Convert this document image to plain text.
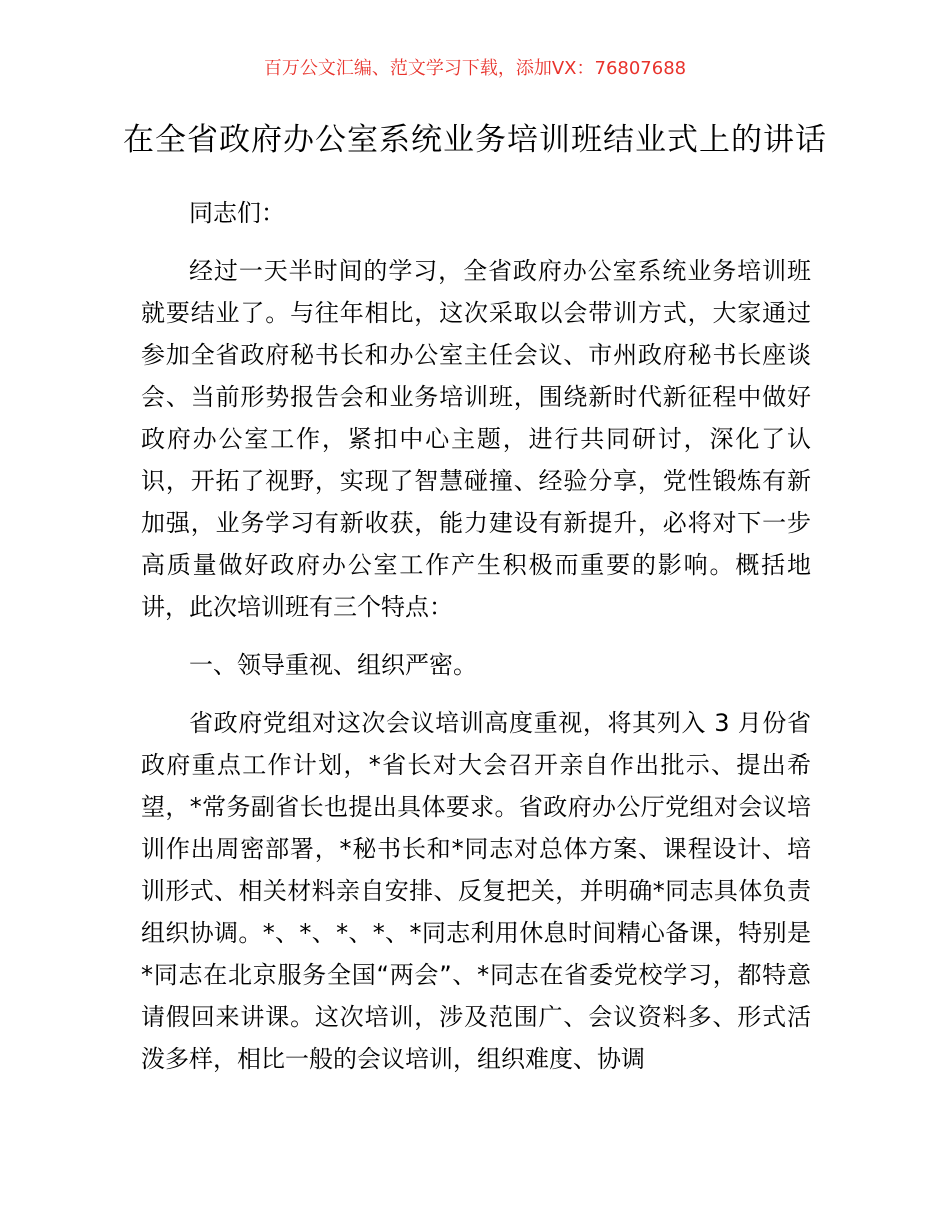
百万公文汇编、范文学习下载，添加VX：76807688
在全省政府办公室系统业务培训班结业式上的讲话

同志们：

经过一天半时间的学习，全省政府办公室系统业务培训班就要结业了。与往年相比，这次采取以会带训方式，大家通过参加全省政府秘书长和办公室主任会议、市州政府秘书长座谈会、当前形势报告会和业务培训班，围绕新时代新征程中做好政府办公室工作，紧扣中心主题，进行共同研讨，深化了认识，开拓了视野，实现了智慧碰撞、经验分享，党性锻炼有新加强，业务学习有新收获，能力建设有新提升，必将对下一步高质量做好政府办公室工作产生积极而重要的影响。概括地讲，此次培训班有三个特点：

一、领导重视、组织严密。

省政府党组对这次会议培训高度重视，将其列入 3 月份省政府重点工作计划，*省长对大会召开亲自作出批示、提出希望，*常务副省长也提出具体要求。省政府办公厅党组对会议培训作出周密部署，*秘书长和*同志对总体方案、课程设计、培训形式、相关材料亲自安排、反复把关，并明确*同志具体负责组织协调。*、*、*、*、*同志利用休息时间精心备课，特别是*同志在北京服务全国“两会”、*同志在省委党校学习，都特意请假回来讲课。这次培训，涉及范围广、会议资料多、形式活泼多样，相比一般的会议培训，组织难度、协调
